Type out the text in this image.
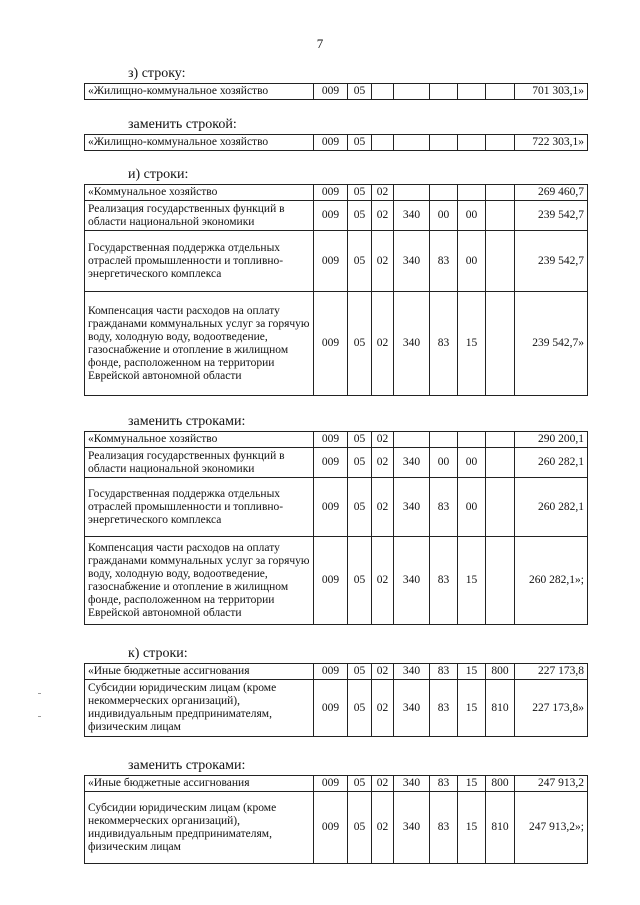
7
з) строку:
«Жилищно-коммунальное хозяйство	009	05						701 303,1»
заменить строкой:
«Жилищно-коммунальное хозяйство	009	05						722 303,1»
и) строки:
«Коммунальное хозяйство	009	05	02					269 460,7
Реализация государственных функций в области национальной экономики	009	05	02	340	00	00		239 542,7
Государственная поддержка отдельных отраслей промышленности и топливно-энергетического комплекса	009	05	02	340	83	00		239 542,7
Компенсация части расходов на оплату гражданами коммунальных услуг за горячую воду, холодную воду, водоотведение, газоснабжение и отопление в жилищном фонде, расположенном на территории Еврейской автономной области	009	05	02	340	83	15		239 542,7»
заменить строками:
«Коммунальное хозяйство	009	05	02					290 200,1
Реализация государственных функций в области национальной экономики	009	05	02	340	00	00		260 282,1
Государственная поддержка отдельных отраслей промышленности и топливно-энергетического комплекса	009	05	02	340	83	00		260 282,1
Компенсация части расходов на оплату гражданами коммунальных услуг за горячую воду, холодную воду, водоотведение, газоснабжение и отопление в жилищном фонде, расположенном на территории Еврейской автономной области	009	05	02	340	83	15		260 282,1»;
к) строки:
«Иные бюджетные ассигнования	009	05	02	340	83	15	800	227 173,8
Субсидии юридическим лицам (кроме некоммерческих организаций), индивидуальным предпринимателям, физическим лицам	009	05	02	340	83	15	810	227 173,8»
заменить строками:
«Иные бюджетные ассигнования	009	05	02	340	83	15	800	247 913,2
Субсидии юридическим лицам (кроме некоммерческих организаций), индивидуальным предпринимателям, физическим лицам	009	05	02	340	83	15	810	247 913,2»;
